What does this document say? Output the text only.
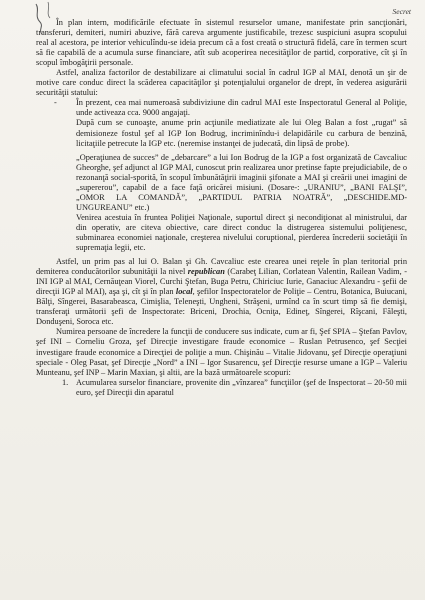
Secret

În plan intern, modificările efectuate în sistemul resurselor umane, manifestate prin sancţionări, transferuri, demiteri, numiri abuzive, fără careva argumente justificabile, trezesc suspiciuni asupra scopului real al acestora, pe interior vehiculîndu-se ideia precum că a fost creată o structură fidelă, care în termen scurt să fie capabilă de a acumula surse financiare, atît sub acoperirea necesităţilor de partid, corporative, cît şi în scopul îmbogăţirii personale.

Astfel, analiza factorilor de destabilizare ai climatului social în cadrul IGP al MAI, denotă un şir de motive care conduc direct la scăderea capacităţilor şi potenţialului organelor de drept, în vederea asigurării securităţii statului:

- În prezent, cea mai numeroasă subdiviziune din cadrul MAI este Inspectoratul General al Poliţie, unde activeaza cca. 9000 angajaţi.

După cum se cunoaşte, anume prin acţiunile mediatizate ale lui Oleg Balan a fost „rugat” să demisioneze fostul şef al IGP Ion Bodrug, incriminîndu-i delapidările cu carbura de benzină, licitaţiile petrecute la IGP etc. (neremise instanţei de judecată, din lipsă de probe).

„Operaţiunea de succes” de „debarcare” a lui Ion Bodrug de la IGP a fost organizată de Cavcaliuc Gheorghe, şef adjunct al IGP MAI, cunoscut prin realizarea unor pretinse fapte prejudiciabile, de o rezonanţă social-sporită, în scopul îmbunătăţirii imaginii şifonate a MAI şi creării unei imagini de „supererou”, capabil de a face faţă oricărei misiuni. (Dosare-: „URANIU”, „BANI FALŞI”, „OMOR LA COMANDĂ”, „PARTIDUL PATRIA NOATRĂ”, „DESCHIDE.MD-UNGUREANU” etc.)

Venirea acestuia în fruntea Poliţiei Naţionale, suportul direct şi necondiţionat al ministrului, dar din operativ, are citeva obiective, care direct conduc la distrugerea sistemului poliţienesc, subminarea economiei naţionale, creşterea nivelului coruptional, pierderea încrederii societăţii în supremaţia legii, etc.

Astfel, un prim pas al lui O. Balan şi Gh. Cavcaliuc este crearea unei reţele în plan teritorial prin demiterea conducătorilor subunităţii la nivel republican (Carabeţ Lilian, Corlatean Valentin, Railean Vadim, - INI IGP al MAI, Cernăuţean Viorel, Curchi Ştefan, Buga Petru, Chiriciuc Iurie, Ganaciuc Alexandru - şefii de direcţii IGP al MAI), aşa şi, cît şi în plan local, şefilor Inspectoratelor de Poliţie – Centru, Botanica, Buiucani, Bălţi, Sîngerei, Basarabeasca, Cimişlia, Teleneşti, Ungheni, Străşeni, urmînd ca în scurt timp să fie demişi, transferaţi următorii şefi de Inspectorate: Briceni, Drochia, Ocniţa, Edineţ, Sîngerei, Rîşcani, Făleşti, Donduşeni, Soroca etc.

Numirea persoane de încredere la funcţii de conducere sus indicate, cum ar fi, Şef SPIA – Ştefan Pavlov, şef INI – Corneliu Groza, şef Direcţie investigare fraude economice – Ruslan Petrusenco, şef Secţiei investigare fraude economice a Direcţiei de poliţie a mun. Chişinău – Vitalie Jidovanu, şef Direcţie operaţiuni speciale - Oleg Pasat, şef Direcţie „Nord” a INI – Igor Susarencu, şef Direcţie resurse umane a IGP – Valeriu Munteanu, şef INP – Marin Maxian, şi altii, are la bază următoarele scopuri:

1. Acumularea surselor financiare, provenite din „vînzarea” funcţiilor (şef de Inspectorat – 20-50 mii euro, şef Direcţii din aparatul
